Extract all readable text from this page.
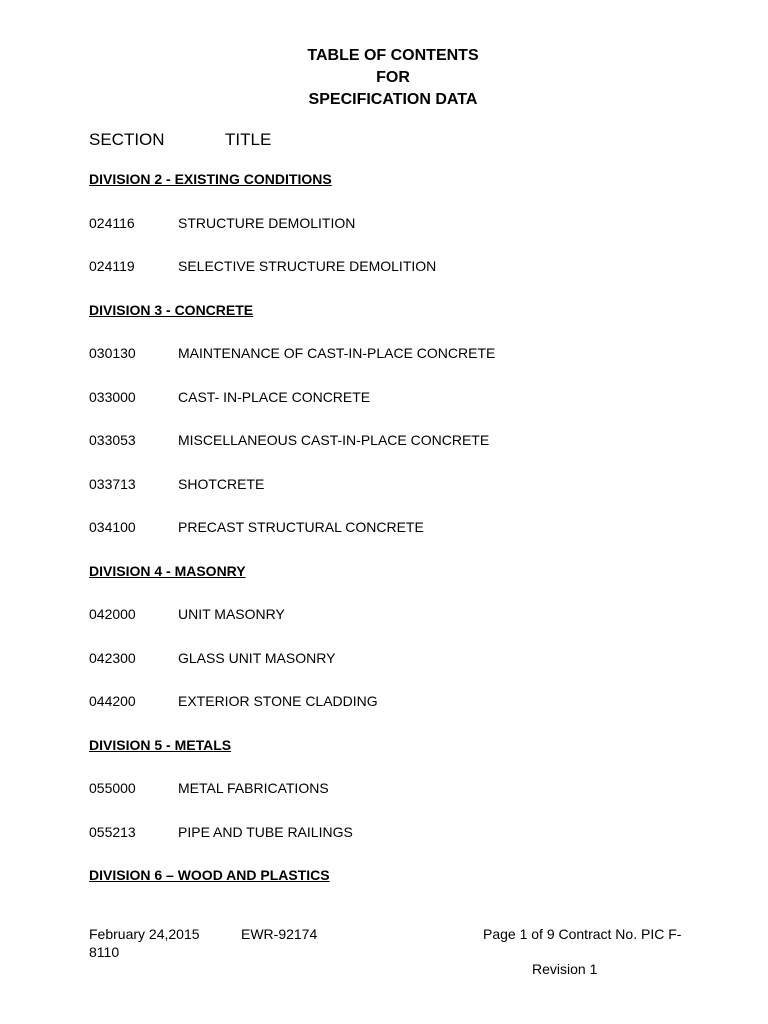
TABLE OF CONTENTS
FOR
SPECIFICATION DATA
SECTION	TITLE
DIVISION 2 - EXISTING CONDITIONS
024116	STRUCTURE DEMOLITION
024119	SELECTIVE STRUCTURE DEMOLITION
DIVISION 3 - CONCRETE
030130	MAINTENANCE OF CAST-IN-PLACE CONCRETE
033000	CAST- IN-PLACE CONCRETE
033053	MISCELLANEOUS CAST-IN-PLACE CONCRETE
033713	SHOTCRETE
034100	PRECAST STRUCTURAL CONCRETE
DIVISION 4 - MASONRY
042000	UNIT MASONRY
042300	GLASS UNIT MASONRY
044200	EXTERIOR STONE CLADDING
DIVISION 5 - METALS
055000	METAL FABRICATIONS
055213	PIPE AND TUBE RAILINGS
DIVISION 6 – WOOD AND PLASTICS
February 24,2015
8110
EWR-92174	Page 1 of 9 Contract No. PIC F-
Revision 1
